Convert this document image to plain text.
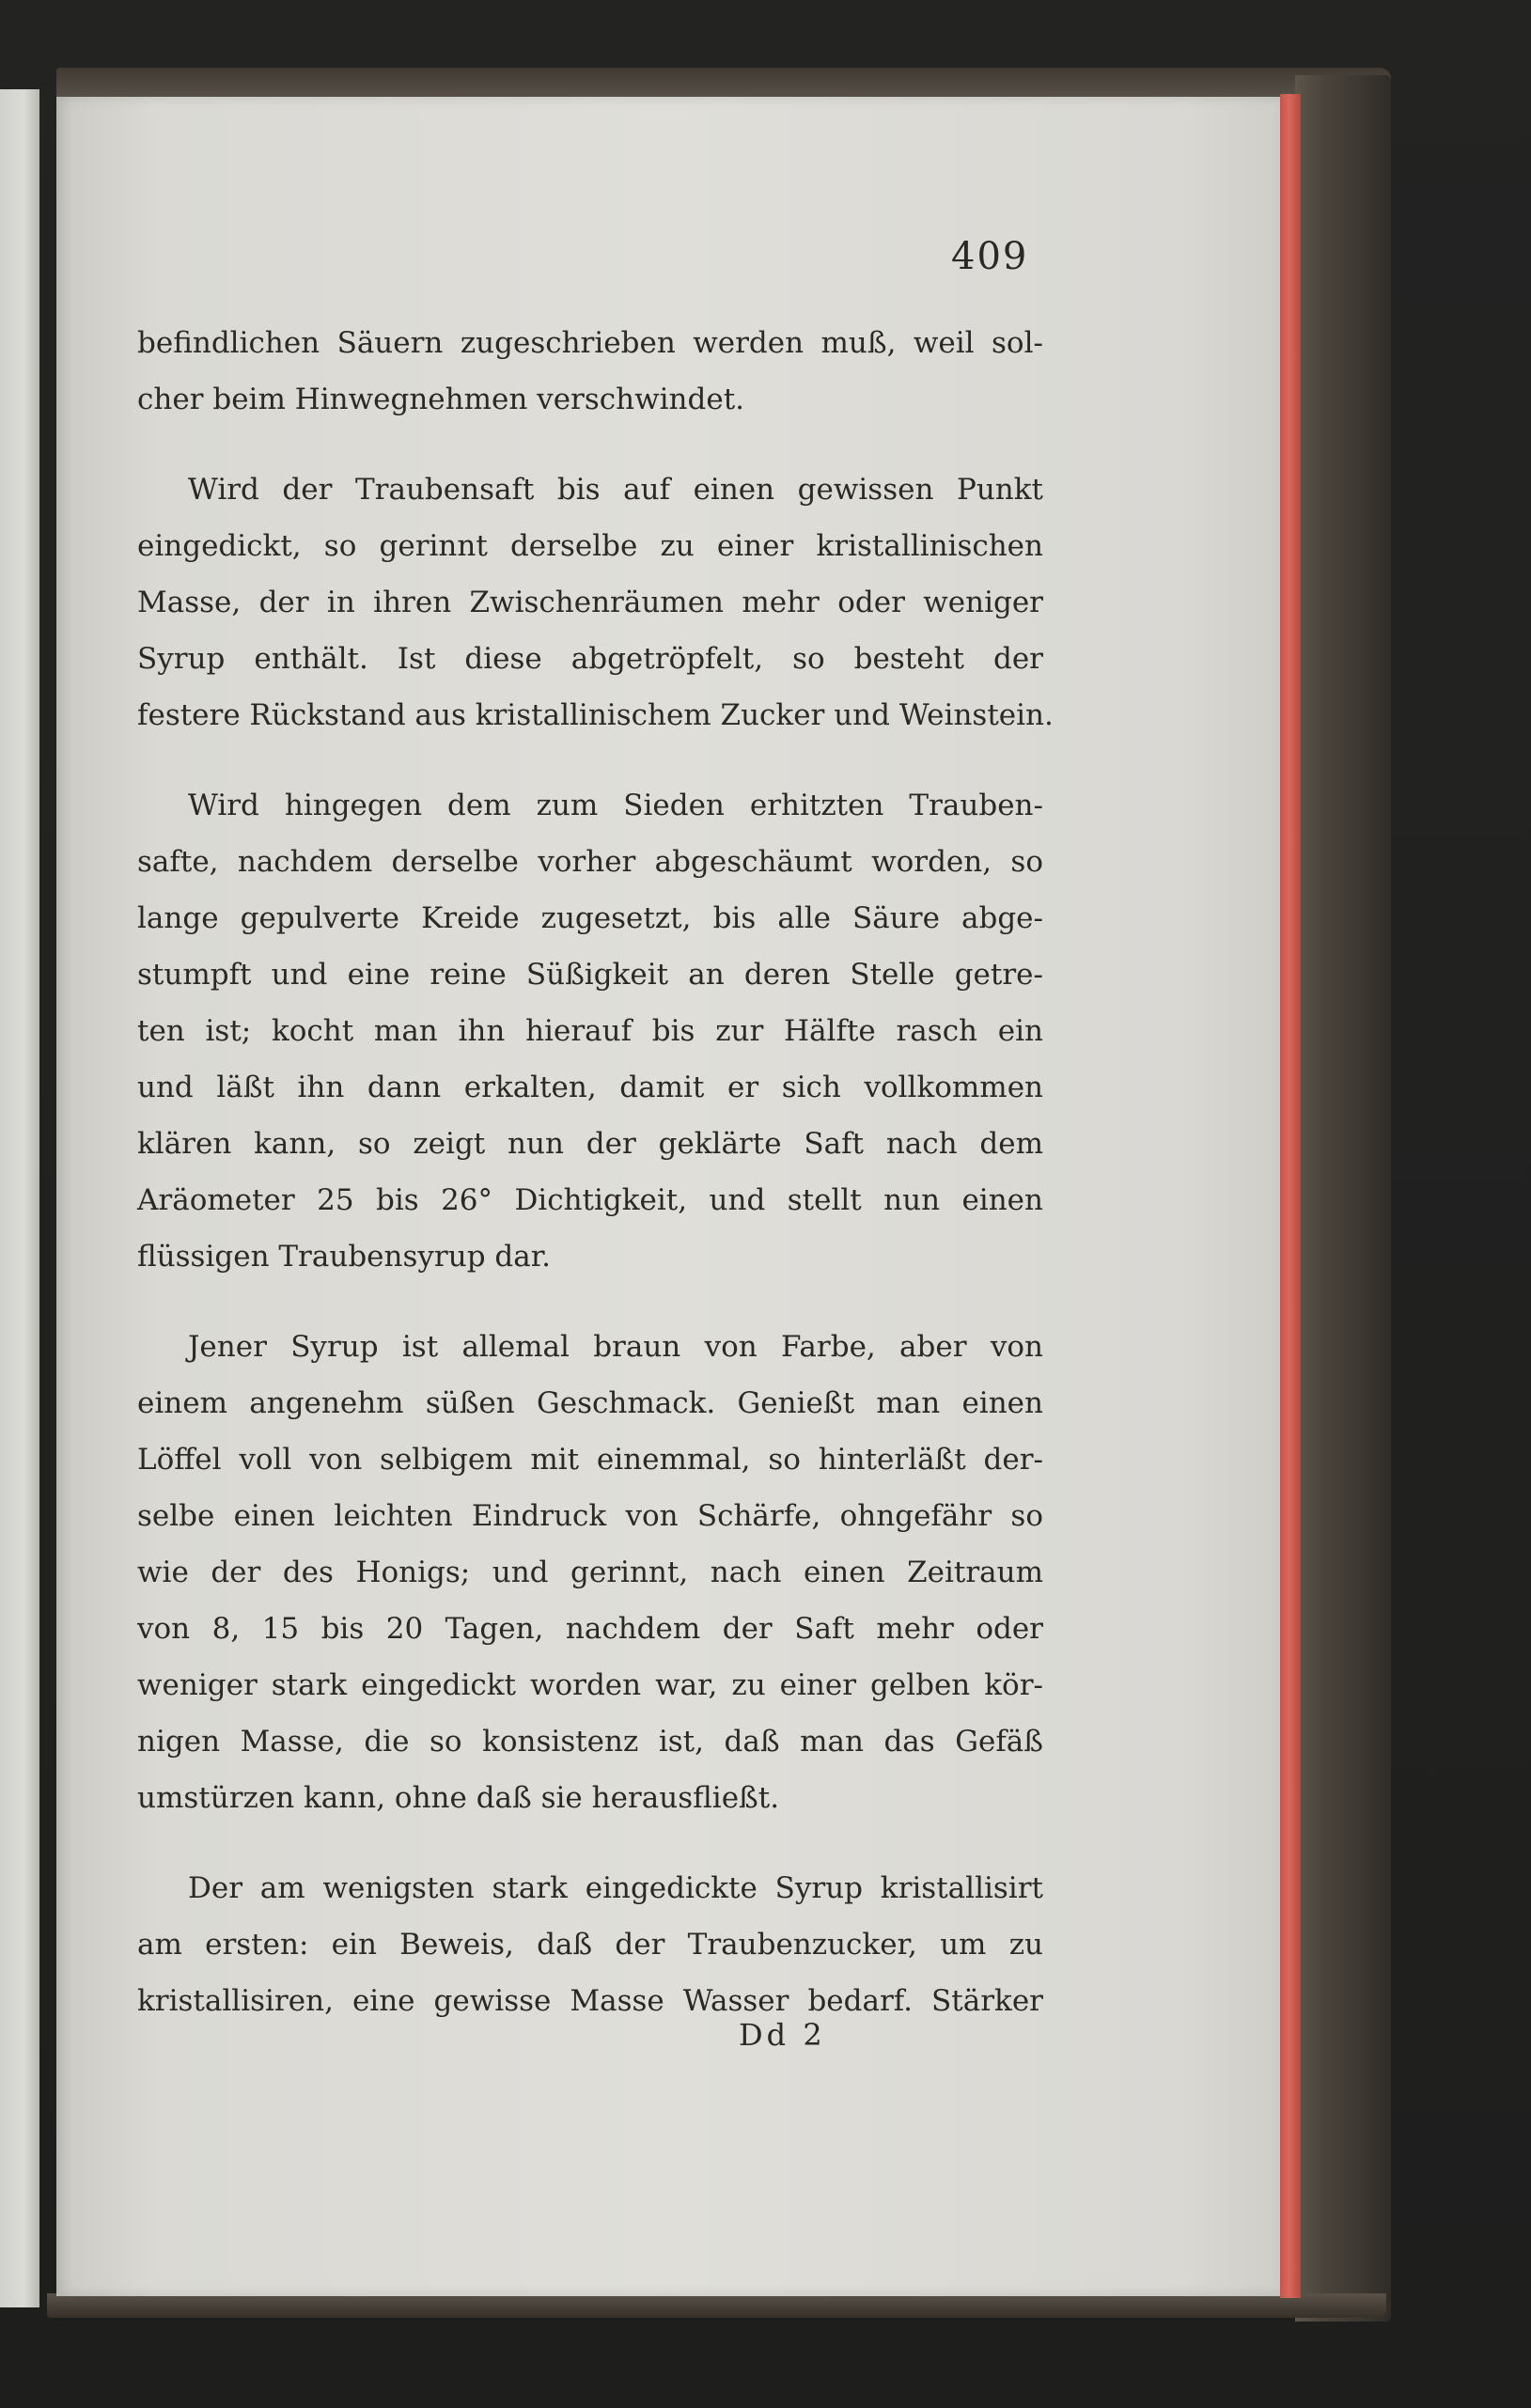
409
befindlichen Säuern zugeschrieben werden muß, weil sol-
cher beim Hinwegnehmen verschwindet.
Wird der Traubensaft bis auf einen gewissen Punkt
eingedickt, so gerinnt derselbe zu einer kristallinischen
Masse, der in ihren Zwischenräumen mehr oder weniger
Syrup enthält. Ist diese abgetröpfelt, so besteht der
festere Rückstand aus kristallinischem Zucker und Weinstein.
Wird hingegen dem zum Sieden erhitzten Trauben-
safte, nachdem derselbe vorher abgeschäumt worden, so
lange gepulverte Kreide zugesetzt, bis alle Säure abge-
stumpft und eine reine Süßigkeit an deren Stelle getre-
ten ist; kocht man ihn hierauf bis zur Hälfte rasch ein
und läßt ihn dann erkalten, damit er sich vollkommen
klären kann, so zeigt nun der geklärte Saft nach dem
Aräometer 25 bis 26° Dichtigkeit, und stellt nun einen
flüssigen Traubensyrup dar.
Jener Syrup ist allemal braun von Farbe, aber von
einem angenehm süßen Geschmack. Genießt man einen
Löffel voll von selbigem mit einemmal, so hinterläßt der-
selbe einen leichten Eindruck von Schärfe, ohngefähr so
wie der des Honigs; und gerinnt, nach einen Zeitraum
von 8, 15 bis 20 Tagen, nachdem der Saft mehr oder
weniger stark eingedickt worden war, zu einer gelben kör-
nigen Masse, die so konsistenz ist, daß man das Gefäß
umstürzen kann, ohne daß sie herausfließt.
Der am wenigsten stark eingedickte Syrup kristallisirt
am ersten: ein Beweis, daß der Traubenzucker, um zu
kristallisiren, eine gewisse Masse Wasser bedarf. Stärker
Dd 2
